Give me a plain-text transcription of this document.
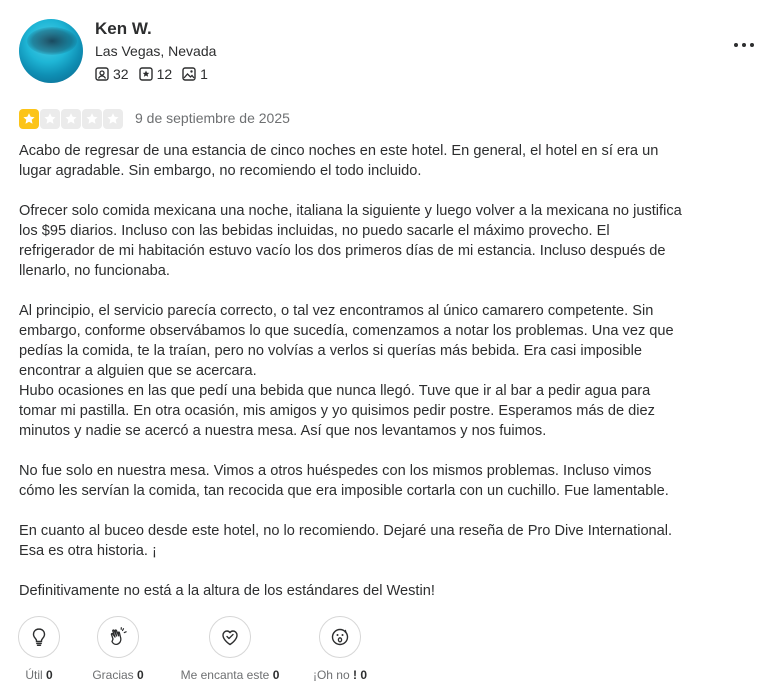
Ken W.
Las Vegas, Nevada
32 12 1
9 de septiembre de 2025

Acabo de regresar de una estancia de cinco noches en este hotel. En general, el hotel en sí era un lugar agradable. Sin embargo, no recomiendo el todo incluido.

Ofrecer solo comida mexicana una noche, italiana la siguiente y luego volver a la mexicana no justifica los $95 diarios. Incluso con las bebidas incluidas, no puedo sacarle el máximo provecho. El refrigerador de mi habitación estuvo vacío los dos primeros días de mi estancia. Incluso después de llenarlo, no funcionaba.

Al principio, el servicio parecía correcto, o tal vez encontramos al único camarero competente. Sin embargo, conforme observábamos lo que sucedía, comenzamos a notar los problemas. Una vez que pedías la comida, te la traían, pero no volvías a verlos si querías más bebida. Era casi imposible encontrar a alguien que se acercara.
Hubo ocasiones en las que pedí una bebida que nunca llegó. Tuve que ir al bar a pedir agua para tomar mi pastilla. En otra ocasión, mis amigos y yo quisimos pedir postre. Esperamos más de diez minutos y nadie se acercó a nuestra mesa. Así que nos levantamos y nos fuimos.

No fue solo en nuestra mesa. Vimos a otros huéspedes con los mismos problemas. Incluso vimos cómo les servían la comida, tan recocida que era imposible cortarla con un cuchillo. Fue lamentable.

En cuanto al buceo desde este hotel, no lo recomiendo. Dejaré una reseña de Pro Dive International. Esa es otra historia. ¡

Definitivamente no está a la altura de los estándares del Westin!

Útil 0	Gracias 0	Me encanta este 0	¡Oh no ! 0
